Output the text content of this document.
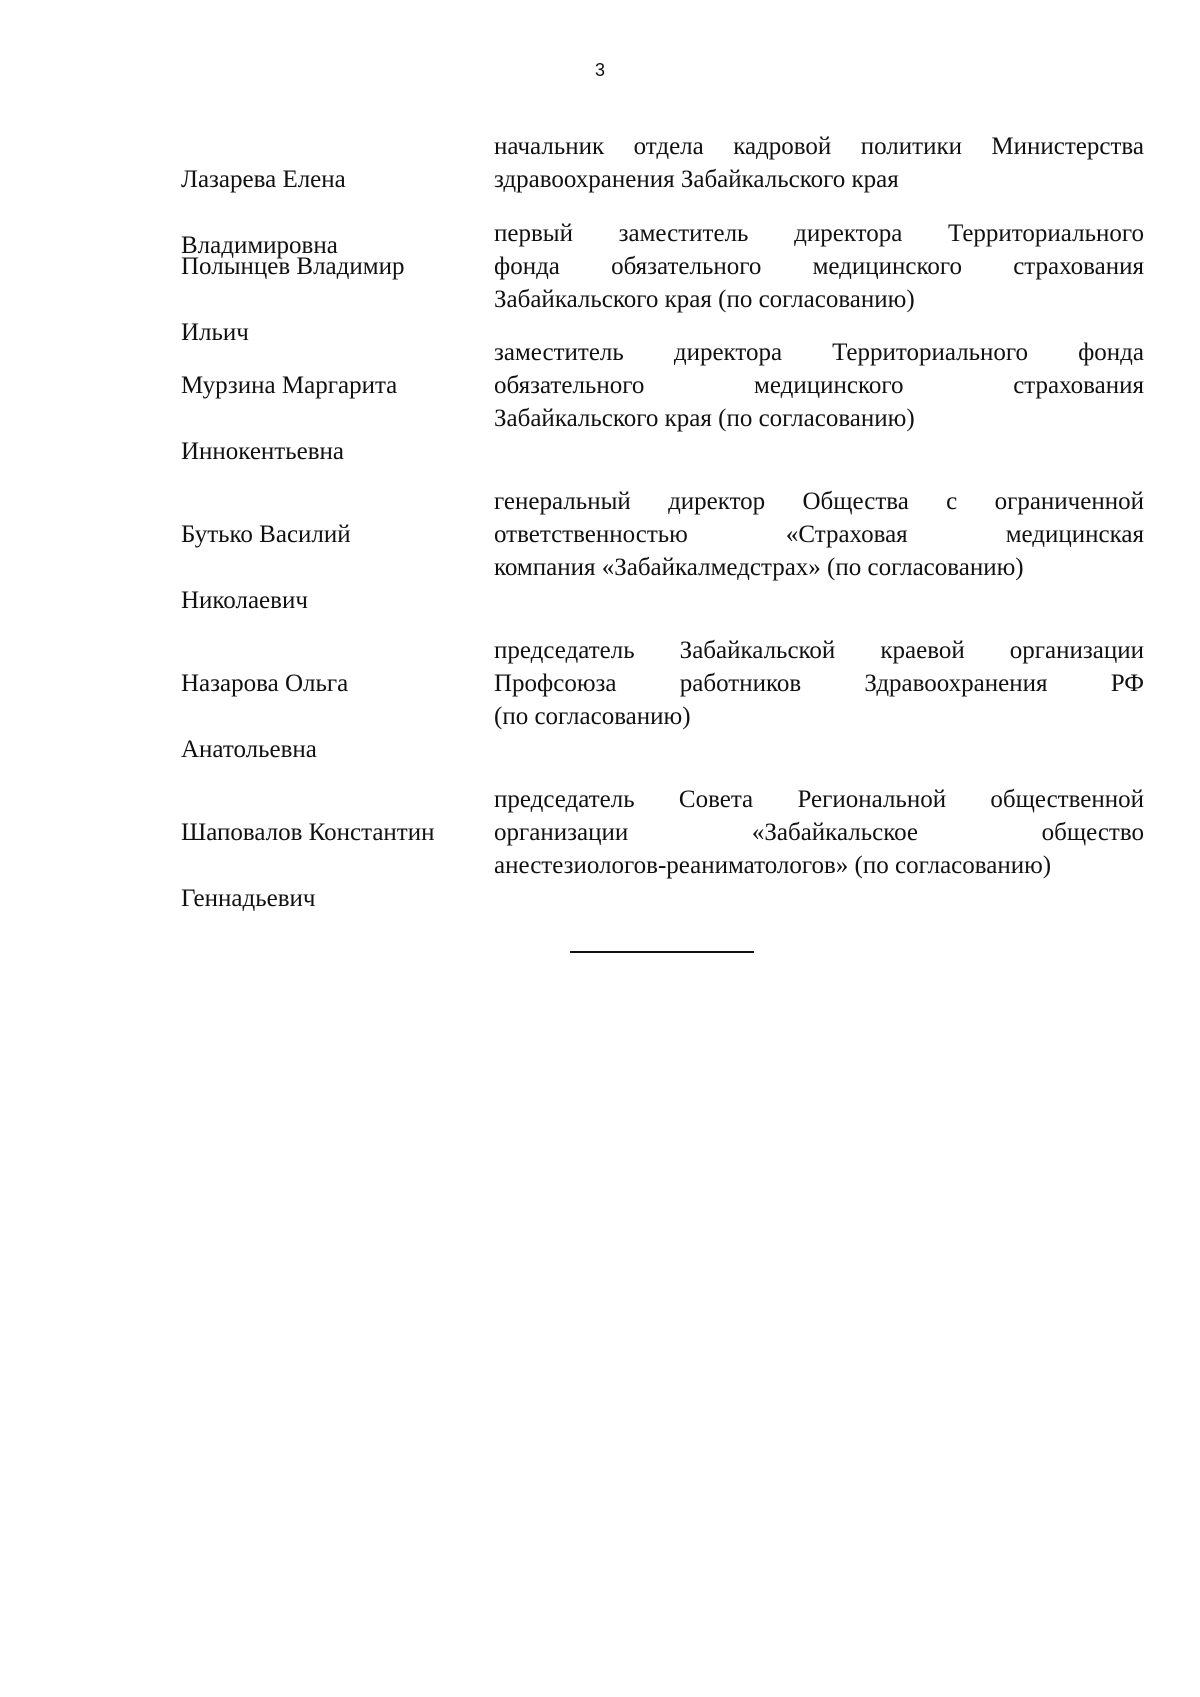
3

Лазарева Елена

Владимировна

начальник отдела кадровой политики Министерства
здравоохранения Забайкальского края

Полынцев Владимир

Ильич

первый заместитель директора Территориального
фонда обязательного медицинского страхования
Забайкальского края (по согласованию)

Мурзина Маргарита

Иннокентьевна

заместитель директора Территориального фонда
обязательного медицинского страхования
Забайкальского края (по согласованию)

Бутько Василий

Николаевич

генеральный директор Общества с ограниченной
ответственностью «Страховая медицинская
компания «Забайкалмедстрах» (по согласованию)

Назарова Ольга

Анатольевна

председатель Забайкальской краевой организации
Профсоюза работников Здравоохранения РФ
(по согласованию)

Шаповалов Константин

Геннадьевич

председатель Совета Региональной общественной
организации «Забайкальское общество
анестезиологов-реаниматологов» (по согласованию)
